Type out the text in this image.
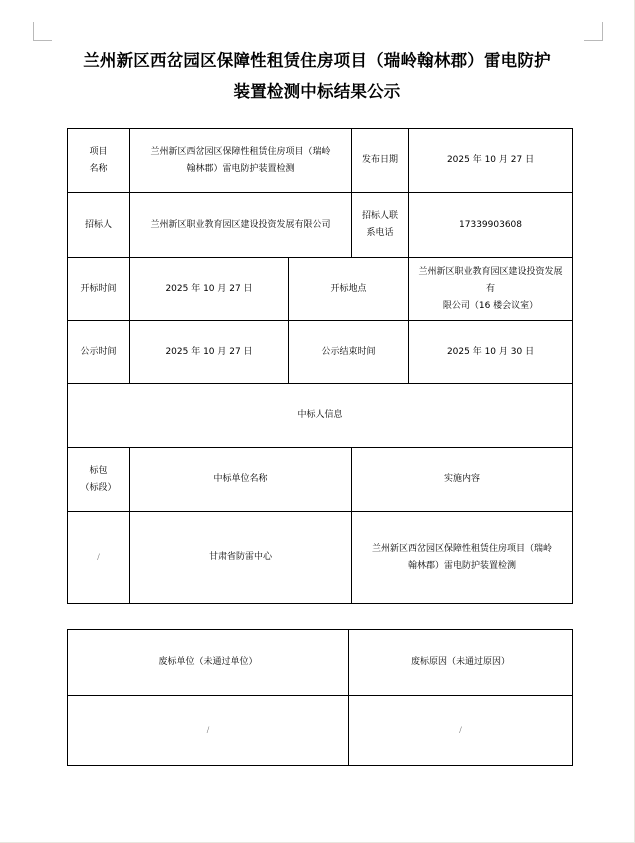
兰州新区西岔园区保障性租赁住房项目（瑞岭翰林郡）雷电防护
装置检测中标结果公示
项目
名称	兰州新区西岔园区保障性租赁住房项目（瑞岭
翰林郡）雷电防护装置检测		发布日期	2025 年 10 月 27 日
招标人	兰州新区职业教育园区建设投资发展有限公司		招标人联系电话	17339903608
开标时间	2025 年 10 月 27 日	开标地点		兰州新区职业教育园区建设投资发展有
限公司（16 楼会议室）

公示时间	2025 年 10 月 27 日	公示结束时间		2025 年 10 月 30 日
中标人信息				

标包
（标段）	中标单位名称		实施内容	
/	甘肃省防雷中心		兰州新区西岔园区保障性租赁住房项目（瑞岭
翰林郡）雷电防护装置检测	
废标单位（未通过单位）	废标原因（未通过原因）
/	/
